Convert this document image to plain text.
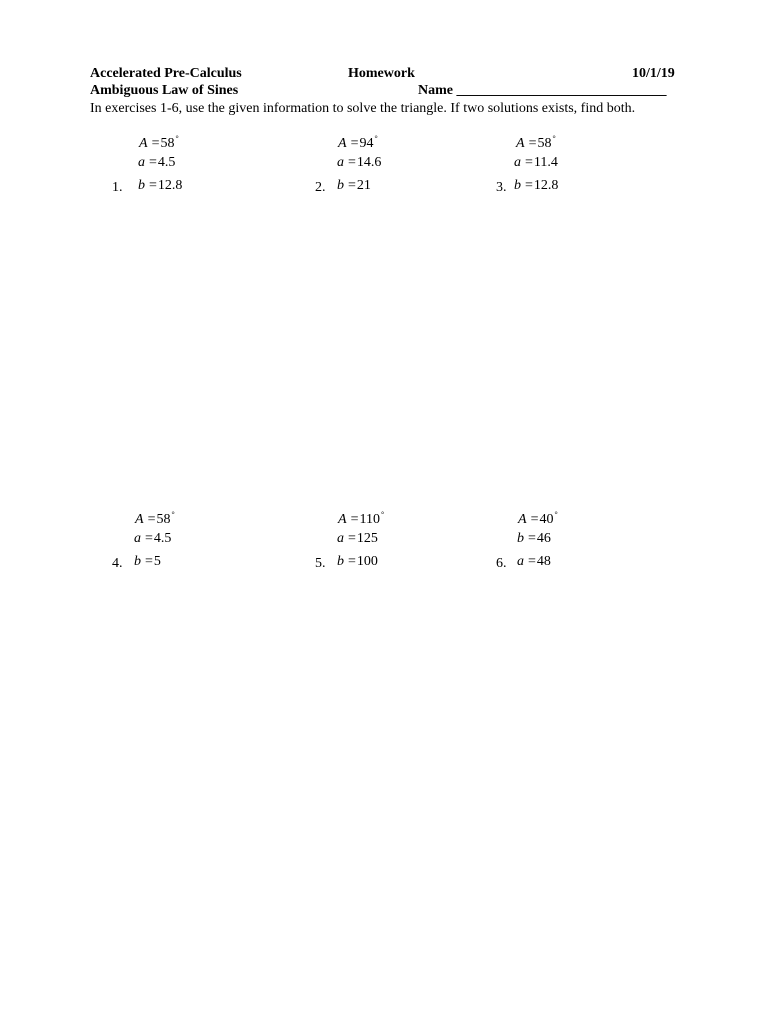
Accelerated Pre-Calculus	Homework	10/1/19
Ambiguous Law of Sines	Name ______________________________
In exercises 1-6, use the given information to solve the triangle. If two solutions exists, find both.
1.
A =58°
a =4.5
b =12.8	2.
A =94°
a =14.6
b =21	3.
A =58°
a =11.4
b =12.8
4.
A =58°
a =4.5
b =5	5.
A =110°
a =125
b =100	6.
A =40°
b =46
a =48
